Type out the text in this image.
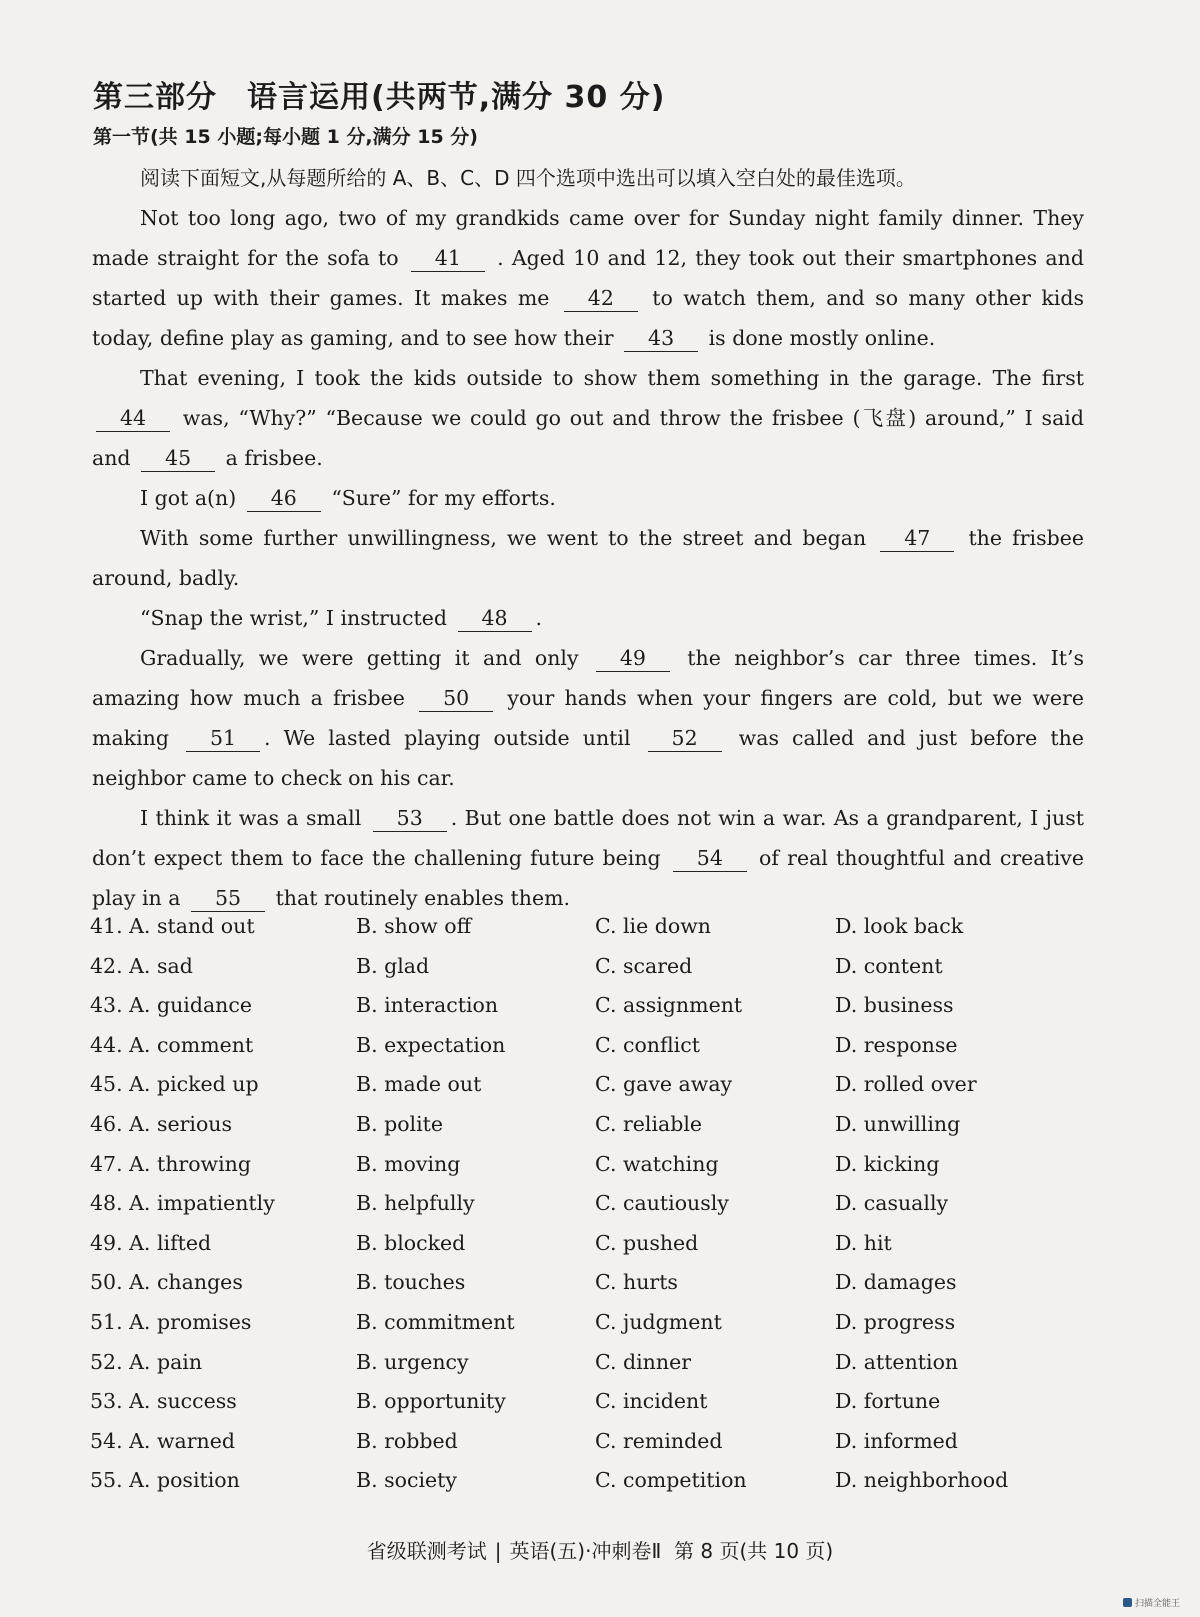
第三部分 语言运用(共两节,满分 30 分)
第一节(共 15 小题;每小题 1 分,满分 15 分)
阅读下面短文,从每题所给的 A、B、C、D 四个选项中选出可以填入空白处的最佳选项。

Not too long ago, two of my grandkids came over for Sunday night family dinner. They made straight for the sofa to 41 . Aged 10 and 12, they took out their smartphones and started up with their games. It makes me 42 to watch them, and so many other kids today, define play as gaming, and to see how their 43 is done mostly online.

That evening, I took the kids outside to show them something in the garage. The first 44 was, “Why?” “Because we could go out and throw the frisbee (飞盘) around,” I said and 45 a frisbee.

I got a(n) 46 “Sure” for my efforts.

With some further unwillingness, we went to the street and began 47 the frisbee around, badly.

“Snap the wrist,” I instructed 48 .

Gradually, we were getting it and only 49 the neighbor’s car three times. It’s amazing how much a frisbee 50 your hands when your fingers are cold, but we were making 51 . We lasted playing outside until 52 was called and just before the neighbor came to check on his car.

I think it was a small 53 . But one battle does not win a war. As a grandparent, I just don’t expect them to face the challening future being 54 of real thoughtful and creative play in a 55 that routinely enables them.

41. A. stand out	B. show off	C. lie down	D. look back
42. A. sad	B. glad	C. scared	D. content
43. A. guidance	B. interaction	C. assignment	D. business
44. A. comment	B. expectation	C. conflict	D. response
45. A. picked up	B. made out	C. gave away	D. rolled over
46. A. serious	B. polite	C. reliable	D. unwilling
47. A. throwing	B. moving	C. watching	D. kicking
48. A. impatiently	B. helpfully	C. cautiously	D. casually
49. A. lifted	B. blocked	C. pushed	D. hit
50. A. changes	B. touches	C. hurts	D. damages
51. A. promises	B. commitment	C. judgment	D. progress
52. A. pain	B. urgency	C. dinner	D. attention
53. A. success	B. opportunity	C. incident	D. fortune
54. A. warned	B. robbed	C. reminded	D. informed
55. A. position	B. society	C. competition	D. neighborhood
省级联测考试 | 英语(五)·冲刺卷Ⅱ 第 8 页(共 10 页)
扫描全能王
